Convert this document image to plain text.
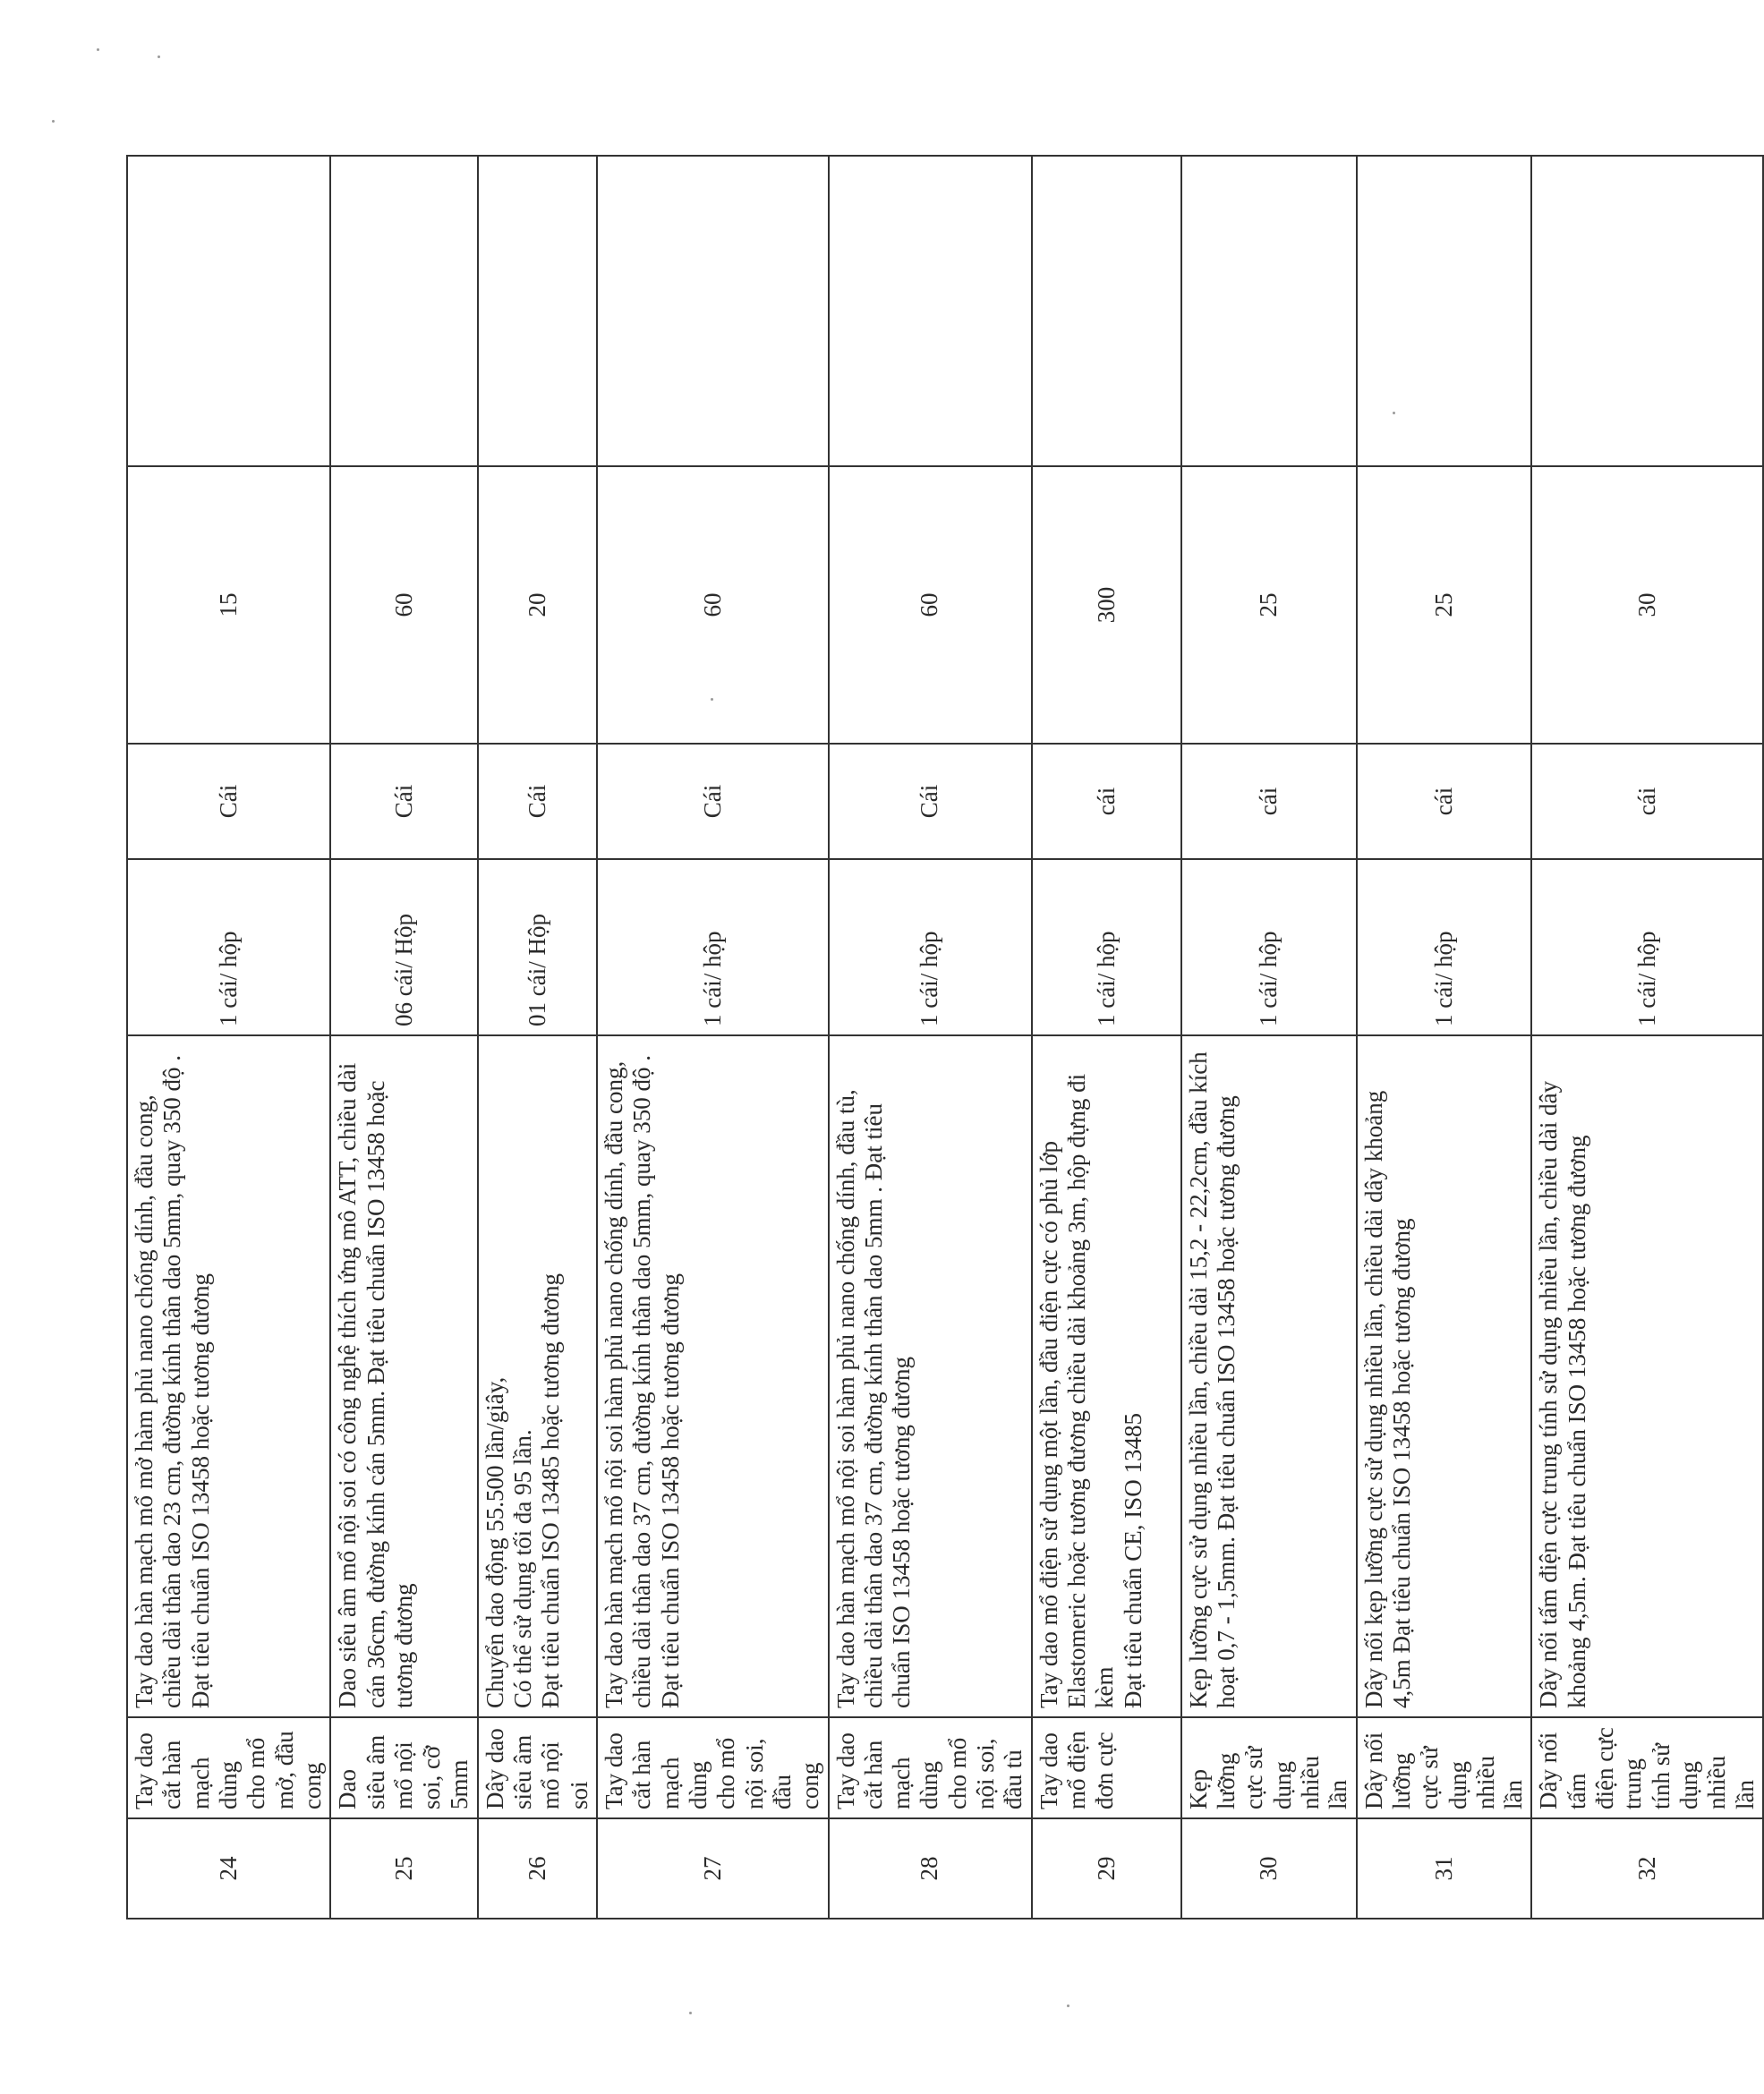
24	Tay dao cắt hàn mạch dùng cho mổ mở, đầu cong	Tay dao hàn mạch mổ mở hàm phủ nano chống dính, đầu cong, chiều dài thân dao 23 cm, đường kính thân dao 5mm, quay 350 độ . Đạt tiêu chuẩn ISO 13458 hoặc tương đương	1 cái/ hộp	Cái	15	
25	Dao siêu âm mổ nội soi, cỡ 5mm	Dao siêu âm mổ nội soi có công nghệ thích ứng mô ATT, chiều dài cán 36cm, đường kính cán 5mm. Đạt tiêu chuẩn ISO 13458 hoặc tương đương	06 cái/ Hộp	Cái	60	
26	Dây dao siêu âm mổ nội soi	Chuyển dao động 55.500 lần/giây, Có thể sử dụng tối đa 95 lần. Đạt tiêu chuẩn ISO 13485 hoặc tương đương	01 cái/ Hộp	Cái	20	
27	Tay dao cắt hàn mạch dùng cho mổ nội soi, đầu cong	Tay dao hàn mạch mổ nội soi hàm phủ nano chống dính, đầu cong, chiều dài thân dao 37 cm, đường kính thân dao 5mm, quay 350 độ . Đạt tiêu chuẩn ISO 13458 hoặc tương đương	1 cái/ hộp	Cái	60	
28	Tay dao cắt hàn mạch dùng cho mổ nội soi, đầu tù	Tay dao hàn mạch mổ nội soi hàm phủ nano chống dính, đầu tù, chiều dài thân dao 37 cm, đường kính thân dao 5mm . Đạt tiêu chuẩn ISO 13458 hoặc tương đương	1 cái/ hộp	Cái	60	
29	Tay dao mổ điện đơn cực	Tay dao mổ điện sử dụng một lần, đầu điện cực có phủ lớp Elastomeric hoặc tương đương chiều dài khoảng 3m, hộp đựng đi kèm Đạt tiêu chuẩn CE, ISO 13485	1 cái/ hộp	cái	300	
30	Kẹp lưỡng cực sử dụng nhiều lần	Kẹp lưỡng cực sử dụng nhiều lần, chiều dài 15,2 - 22,2cm, đầu kích hoạt 0,7 - 1,5mm. Đạt tiêu chuẩn ISO 13458 hoặc tương đương	1 cái/ hộp	cái	25	
31	Dây nối lưỡng cực sử dụng nhiều lần	Dây nối kẹp lưỡng cực sử dụng nhiều lần, chiều dài dây khoảng 4,5m Đạt tiêu chuẩn ISO 13458 hoặc tương đương	1 cái/ hộp	cái	25	
32	Dây nối tấm điện cực trung tính sử dụng nhiều lần	Dây nối tấm điện cực trung tính sử dụng nhiều lần, chiều dài dây khoảng 4,5m. Đạt tiêu chuẩn ISO 13458 hoặc tương đương	1 cái/ hộp	cái	30	
